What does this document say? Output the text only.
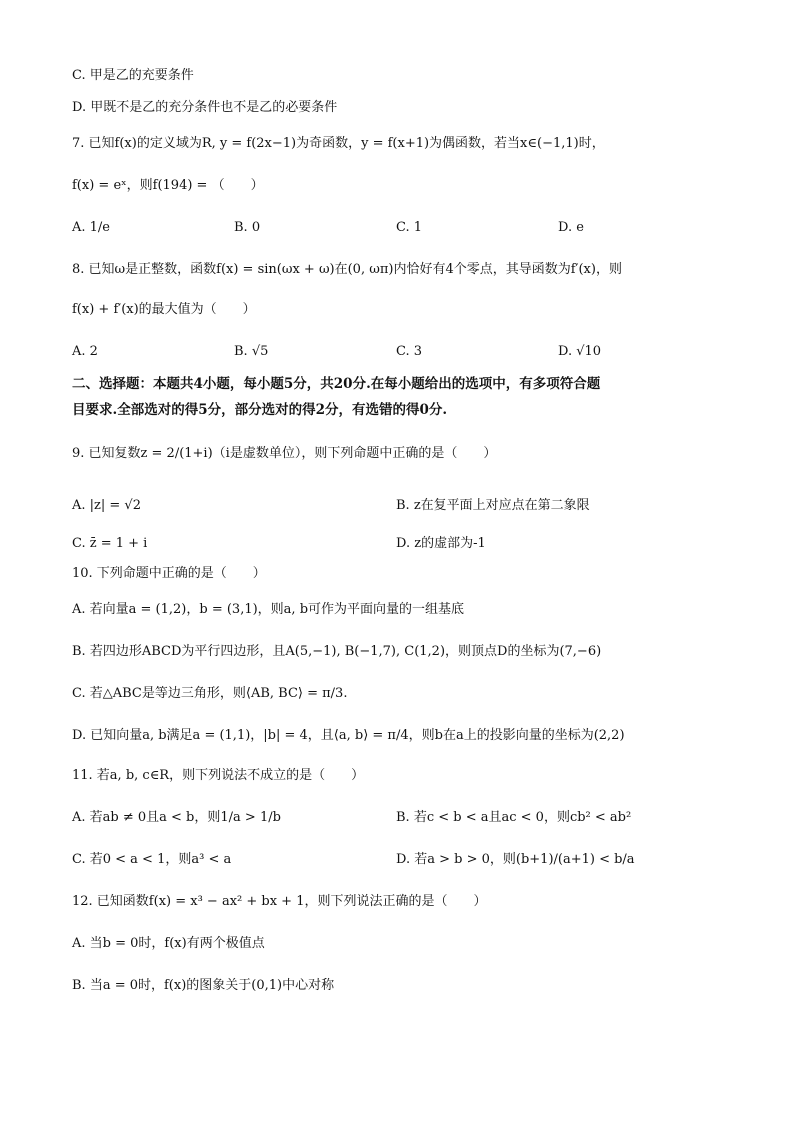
C. 甲是乙的充要条件
D. 甲既不是乙的充分条件也不是乙的必要条件
7. 已知f(x)的定义域为R, y = f(2x−1)为奇函数，y = f(x+1)为偶函数，若当x∈(−1,1)时，
f(x) = eˣ，则f(194) = （　　）
A. 1/e	B. 0	C. 1	D. e
8. 已知ω是正整数，函数f(x) = sin(ωx + ω)在(0, ωπ)内恰好有4个零点，其导函数为f′(x)，则
f(x) + f′(x)的最大值为（　　）
A. 2	B. √5	C. 3	D. √10
二、选择题：本题共4小题，每小题5分，共20分.在每小题给出的选项中，有多项符合题
目要求.全部选对的得5分，部分选对的得2分，有选错的得0分.
9. 已知复数z = 2/(1+i)（i是虚数单位），则下列命题中正确的是（　　）
A. |z| = √2	B. z在复平面上对应点在第二象限
C. z̄ = 1 + i	D. z的虚部为-1
10. 下列命题中正确的是（　　）
A. 若向量a = (1,2)，b = (3,1)，则a, b可作为平面向量的一组基底
B. 若四边形ABCD为平行四边形，且A(5,−1), B(−1,7), C(1,2)，则顶点D的坐标为(7,−6)
C. 若△ABC是等边三角形，则⟨AB, BC⟩ = π/3.
D. 已知向量a, b满足a = (1,1)，|b| = 4，且⟨a, b⟩ = π/4，则b在a上的投影向量的坐标为(2,2)
11. 若a, b, c∈R，则下列说法不成立的是（　　）
A. 若ab ≠ 0且a < b，则1/a > 1/b	B. 若c < b < a且ac < 0，则cb² < ab²
C. 若0 < a < 1，则a³ < a	D. 若a > b > 0，则(b+1)/(a+1) < b/a
12. 已知函数f(x) = x³ − ax² + bx + 1，则下列说法正确的是（　　）
A. 当b = 0时，f(x)有两个极值点
B. 当a = 0时，f(x)的图象关于(0,1)中心对称
